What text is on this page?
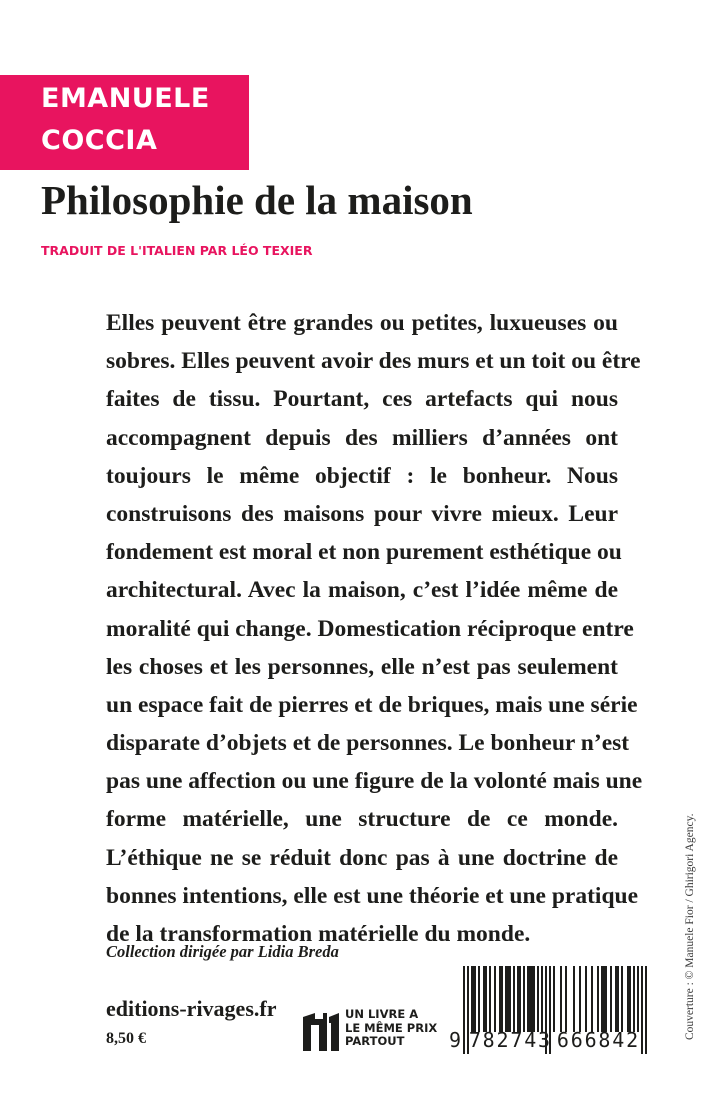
EMANUELE
COCCIA
Philosophie de la maison
TRADUIT DE L'ITALIEN PAR LÉO TEXIER
Elles peuvent être grandes ou petites, luxueuses ou
sobres. Elles peuvent avoir des murs et un toit ou être
faites de tissu. Pourtant, ces artefacts qui nous
accompagnent depuis des milliers d’années ont
toujours le même objectif : le bonheur. Nous
construisons des maisons pour vivre mieux. Leur
fondement est moral et non purement esthétique ou
architectural. Avec la maison, c’est l’idée même de
moralité qui change. Domestication réciproque entre
les choses et les personnes, elle n’est pas seulement
un espace fait de pierres et de briques, mais une série
disparate d’objets et de personnes. Le bonheur n’est
pas une affection ou une figure de la volonté mais une
forme matérielle, une structure de ce monde.
L’éthique ne se réduit donc pas à une doctrine de
bonnes intentions, elle est une théorie et une pratique
de la transformation matérielle du monde.
Collection dirigée par Lidia Breda
editions-rivages.fr
8,50 €
UN LIVRE A
LE MÊME PRIX
PARTOUT	9 782743 666842	Couverture : © Manuele Fior / Ghirigori Agency.
